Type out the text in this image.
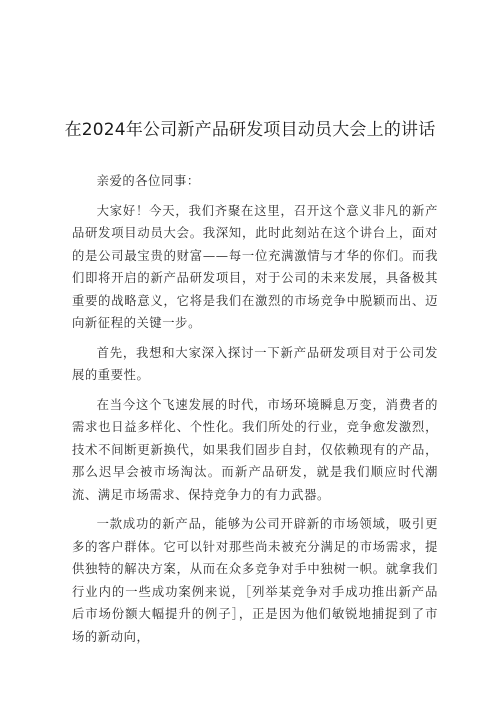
在2024年公司新产品研发项目动员大会上的讲话

亲爱的各位同事：

大家好！今天，我们齐聚在这里，召开这个意义非凡的新产品研发项目动员大会。我深知，此时此刻站在这个讲台上，面对的是公司最宝贵的财富——每一位充满激情与才华的你们。而我们即将开启的新产品研发项目，对于公司的未来发展，具备极其重要的战略意义，它将是我们在激烈的市场竞争中脱颖而出、迈向新征程的关键一步。

首先，我想和大家深入探讨一下新产品研发项目对于公司发展的重要性。

在当今这个飞速发展的时代，市场环境瞬息万变，消费者的需求也日益多样化、个性化。我们所处的行业，竞争愈发激烈，技术不间断更新换代，如果我们固步自封，仅依赖现有的产品，那么迟早会被市场淘汰。而新产品研发，就是我们顺应时代潮流、满足市场需求、保持竞争力的有力武器。

一款成功的新产品，能够为公司开辟新的市场领域，吸引更多的客户群体。它可以针对那些尚未被充分满足的市场需求，提供独特的解决方案，从而在众多竞争对手中独树一帜。就拿我们行业内的一些成功案例来说，［列举某竞争对手成功推出新产品后市场份额大幅提升的例子］，正是因为他们敏锐地捕捉到了市场的新动向，
